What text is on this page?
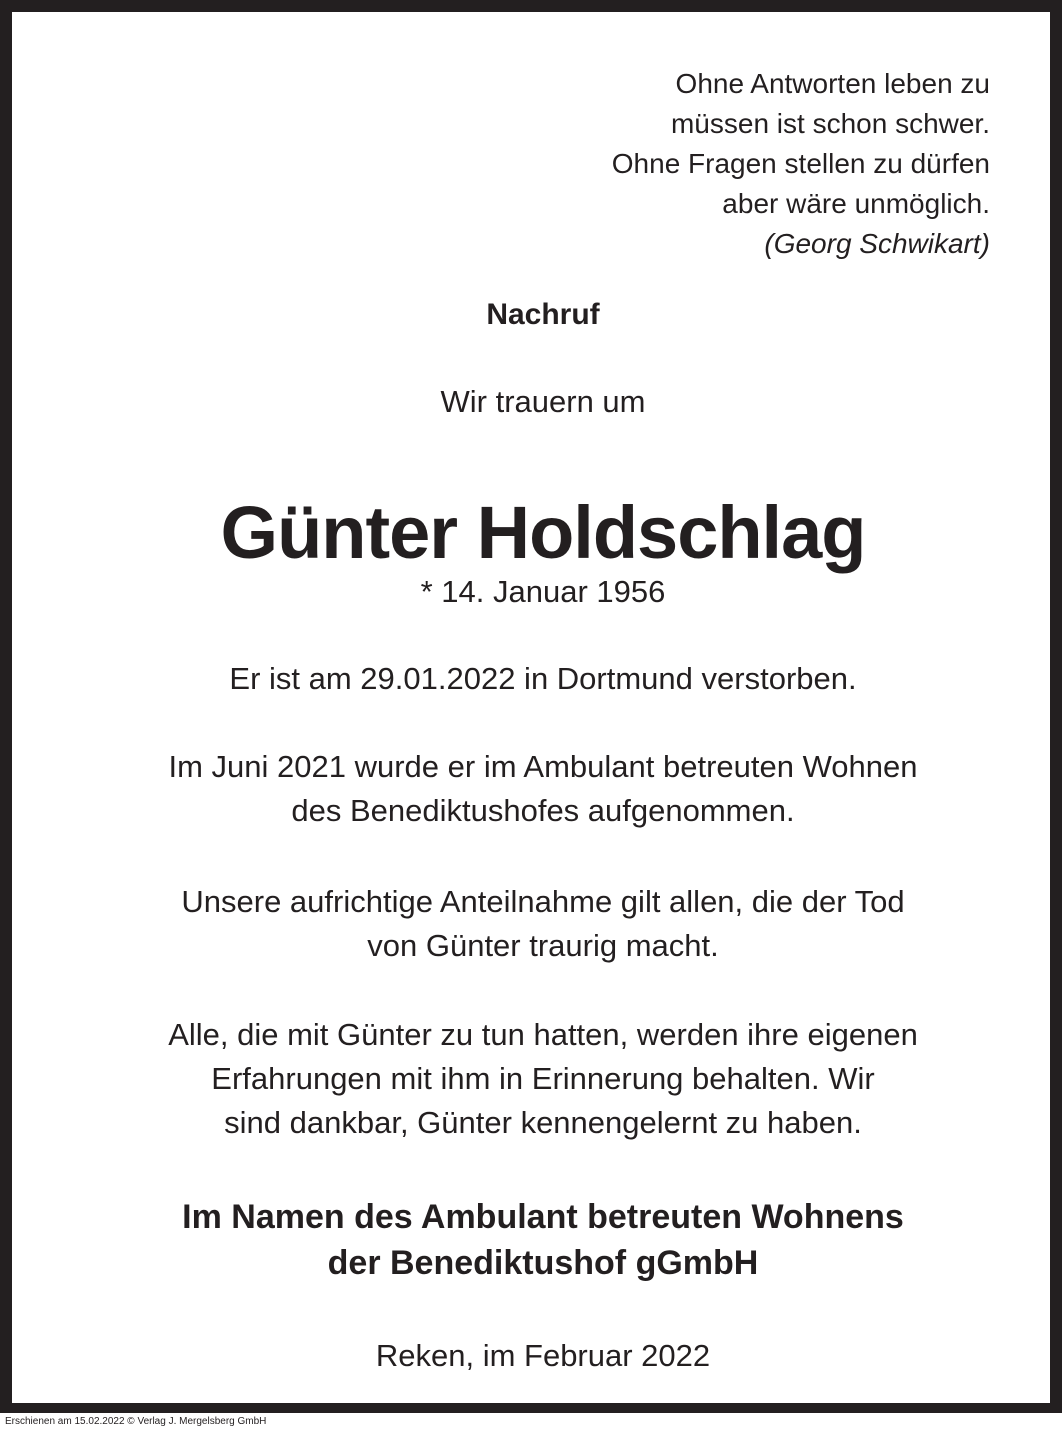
Ohne Antworten leben zu
müssen ist schon schwer.
Ohne Fragen stellen zu dürfen
aber wäre unmöglich.
(Georg Schwikart)
Nachruf
Wir trauern um
Günter Holdschlag
* 14. Januar 1956
Er ist am 29.01.2022 in Dortmund verstorben.
Im Juni 2021 wurde er im Ambulant betreuten Wohnen
des Benediktushofes aufgenommen.
Unsere aufrichtige Anteilnahme gilt allen, die der Tod
von Günter traurig macht.
Alle, die mit Günter zu tun hatten, werden ihre eigenen
Erfahrungen mit ihm in Erinnerung behalten. Wir
sind dankbar, Günter kennengelernt zu haben.
Im Namen des Ambulant betreuten Wohnens
der Benediktushof gGmbH
Reken, im Februar 2022
Erschienen am 15.02.2022 © Verlag J. Mergelsberg GmbH
